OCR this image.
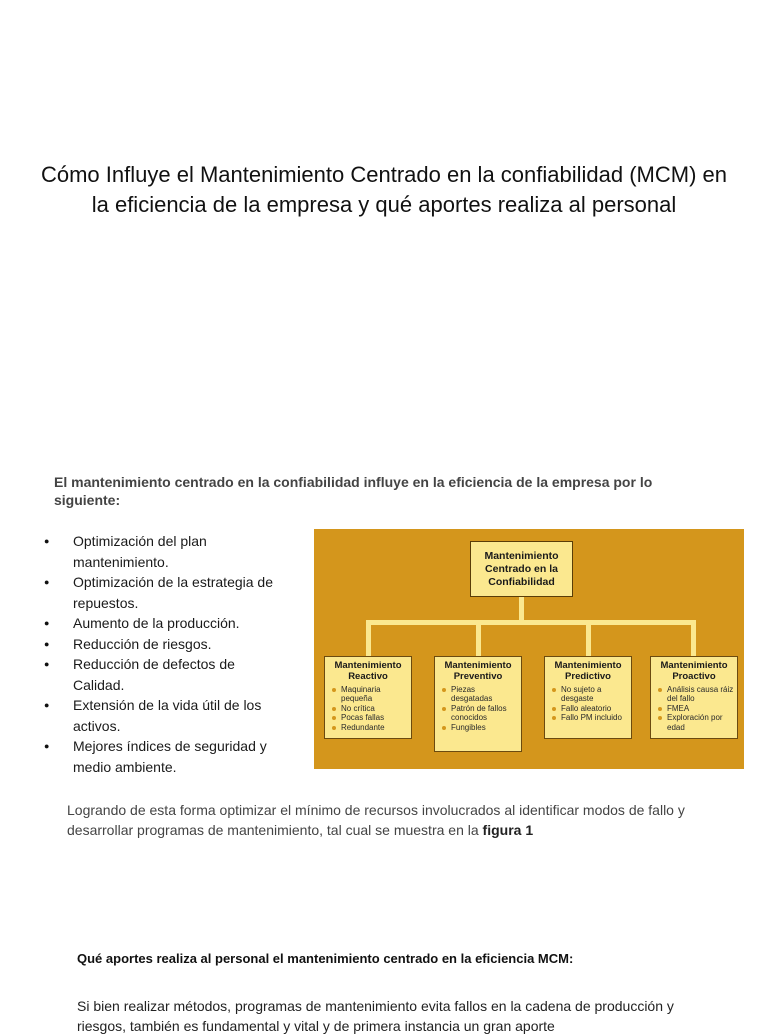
Cómo Influye el Mantenimiento Centrado en la confiabilidad (MCM) en la eficiencia de la empresa y qué aportes realiza al personal

El mantenimiento centrado en la confiabilidad influye en la eficiencia de la empresa por lo siguiente:

● Optimización del plan mantenimiento.
● Optimización de la estrategia de repuestos.
● Aumento de la producción.
● Reducción de riesgos.
● Reducción de defectos de Calidad.
● Extensión de la vida útil de los activos.
● Mejores índices de seguridad y medio ambiente.
Mantenimiento Centrado en la Confiabilidad
Mantenimiento Reactivo
Maquinaria pequeña
No crítica
Pocas fallas
Redundante
Mantenimiento Preventivo
Piezas desgatadas
Patrón de fallos conocidos
Fungibles
Mantenimiento Predictivo
No sujeto a desgaste
Fallo aleatorio
Fallo PM incluido
Mantenimiento Proactivo
Análisis causa ráiz del fallo
FMEA
Exploración por edad

Logrando de esta forma optimizar el mínimo de recursos involucrados al identificar modos de fallo y desarrollar programas de mantenimiento, tal cual se muestra en la figura 1

Qué aportes realiza al personal el mantenimiento centrado en la eficiencia MCM:

Si bien realizar métodos, programas de mantenimiento evita fallos en la cadena de producción y riesgos, también es fundamental y vital y de primera instancia un gran aporte
